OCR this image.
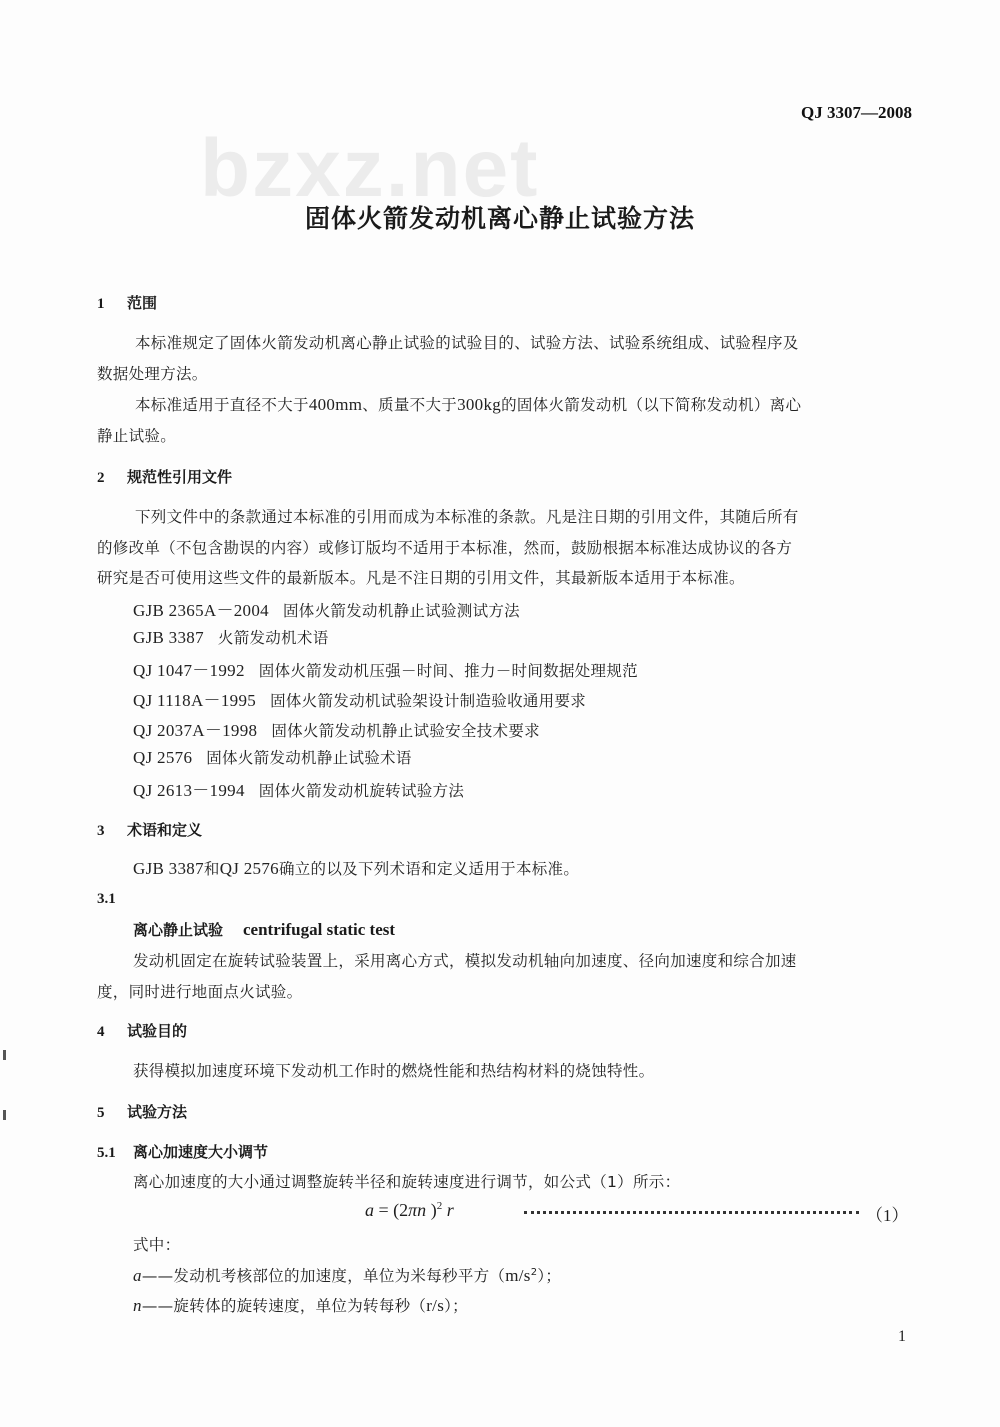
bzxz.net
QJ 3307—2008
固体火箭发动机离心静止试验方法
1 范围
本标准规定了固体火箭发动机离心静止试验的试验目的、试验方法、试验系统组成、试验程序及
数据处理方法。
本标准适用于直径不大于400mm、质量不大于300kg的固体火箭发动机（以下简称发动机）离心
静止试验。
2 规范性引用文件
下列文件中的条款通过本标准的引用而成为本标准的条款。凡是注日期的引用文件，其随后所有
的修改单（不包含勘误的内容）或修订版均不适用于本标准，然而，鼓励根据本标准达成协议的各方
研究是否可使用这些文件的最新版本。凡是不注日期的引用文件，其最新版本适用于本标准。
GJB 2365A－2004 固体火箭发动机静止试验测试方法
GJB 3387 火箭发动机术语
QJ 1047－1992 固体火箭发动机压强－时间、推力－时间数据处理规范
QJ 1118A－1995 固体火箭发动机试验架设计制造验收通用要求
QJ 2037A－1998 固体火箭发动机静止试验安全技术要求
QJ 2576 固体火箭发动机静止试验术语
QJ 2613－1994 固体火箭发动机旋转试验方法
3 术语和定义
GJB 3387和QJ 2576确立的以及下列术语和定义适用于本标准。
3.1
离心静止试验 centrifugal static test
发动机固定在旋转试验装置上，采用离心方式，模拟发动机轴向加速度、径向加速度和综合加速
度，同时进行地面点火试验。
4 试验目的
获得模拟加速度环境下发动机工作时的燃烧性能和热结构材料的烧蚀特性。
5 试验方法
5.1 离心加速度大小调节
离心加速度的大小通过调整旋转半径和旋转速度进行调节，如公式（1）所示：
a = (2πn )$^2$ r	（1）
式中：
a——发动机考核部位的加速度，单位为米每秒平方$(m/s^2)$；
n——旋转体的旋转速度，单位为转每秒（r/s）；
1
